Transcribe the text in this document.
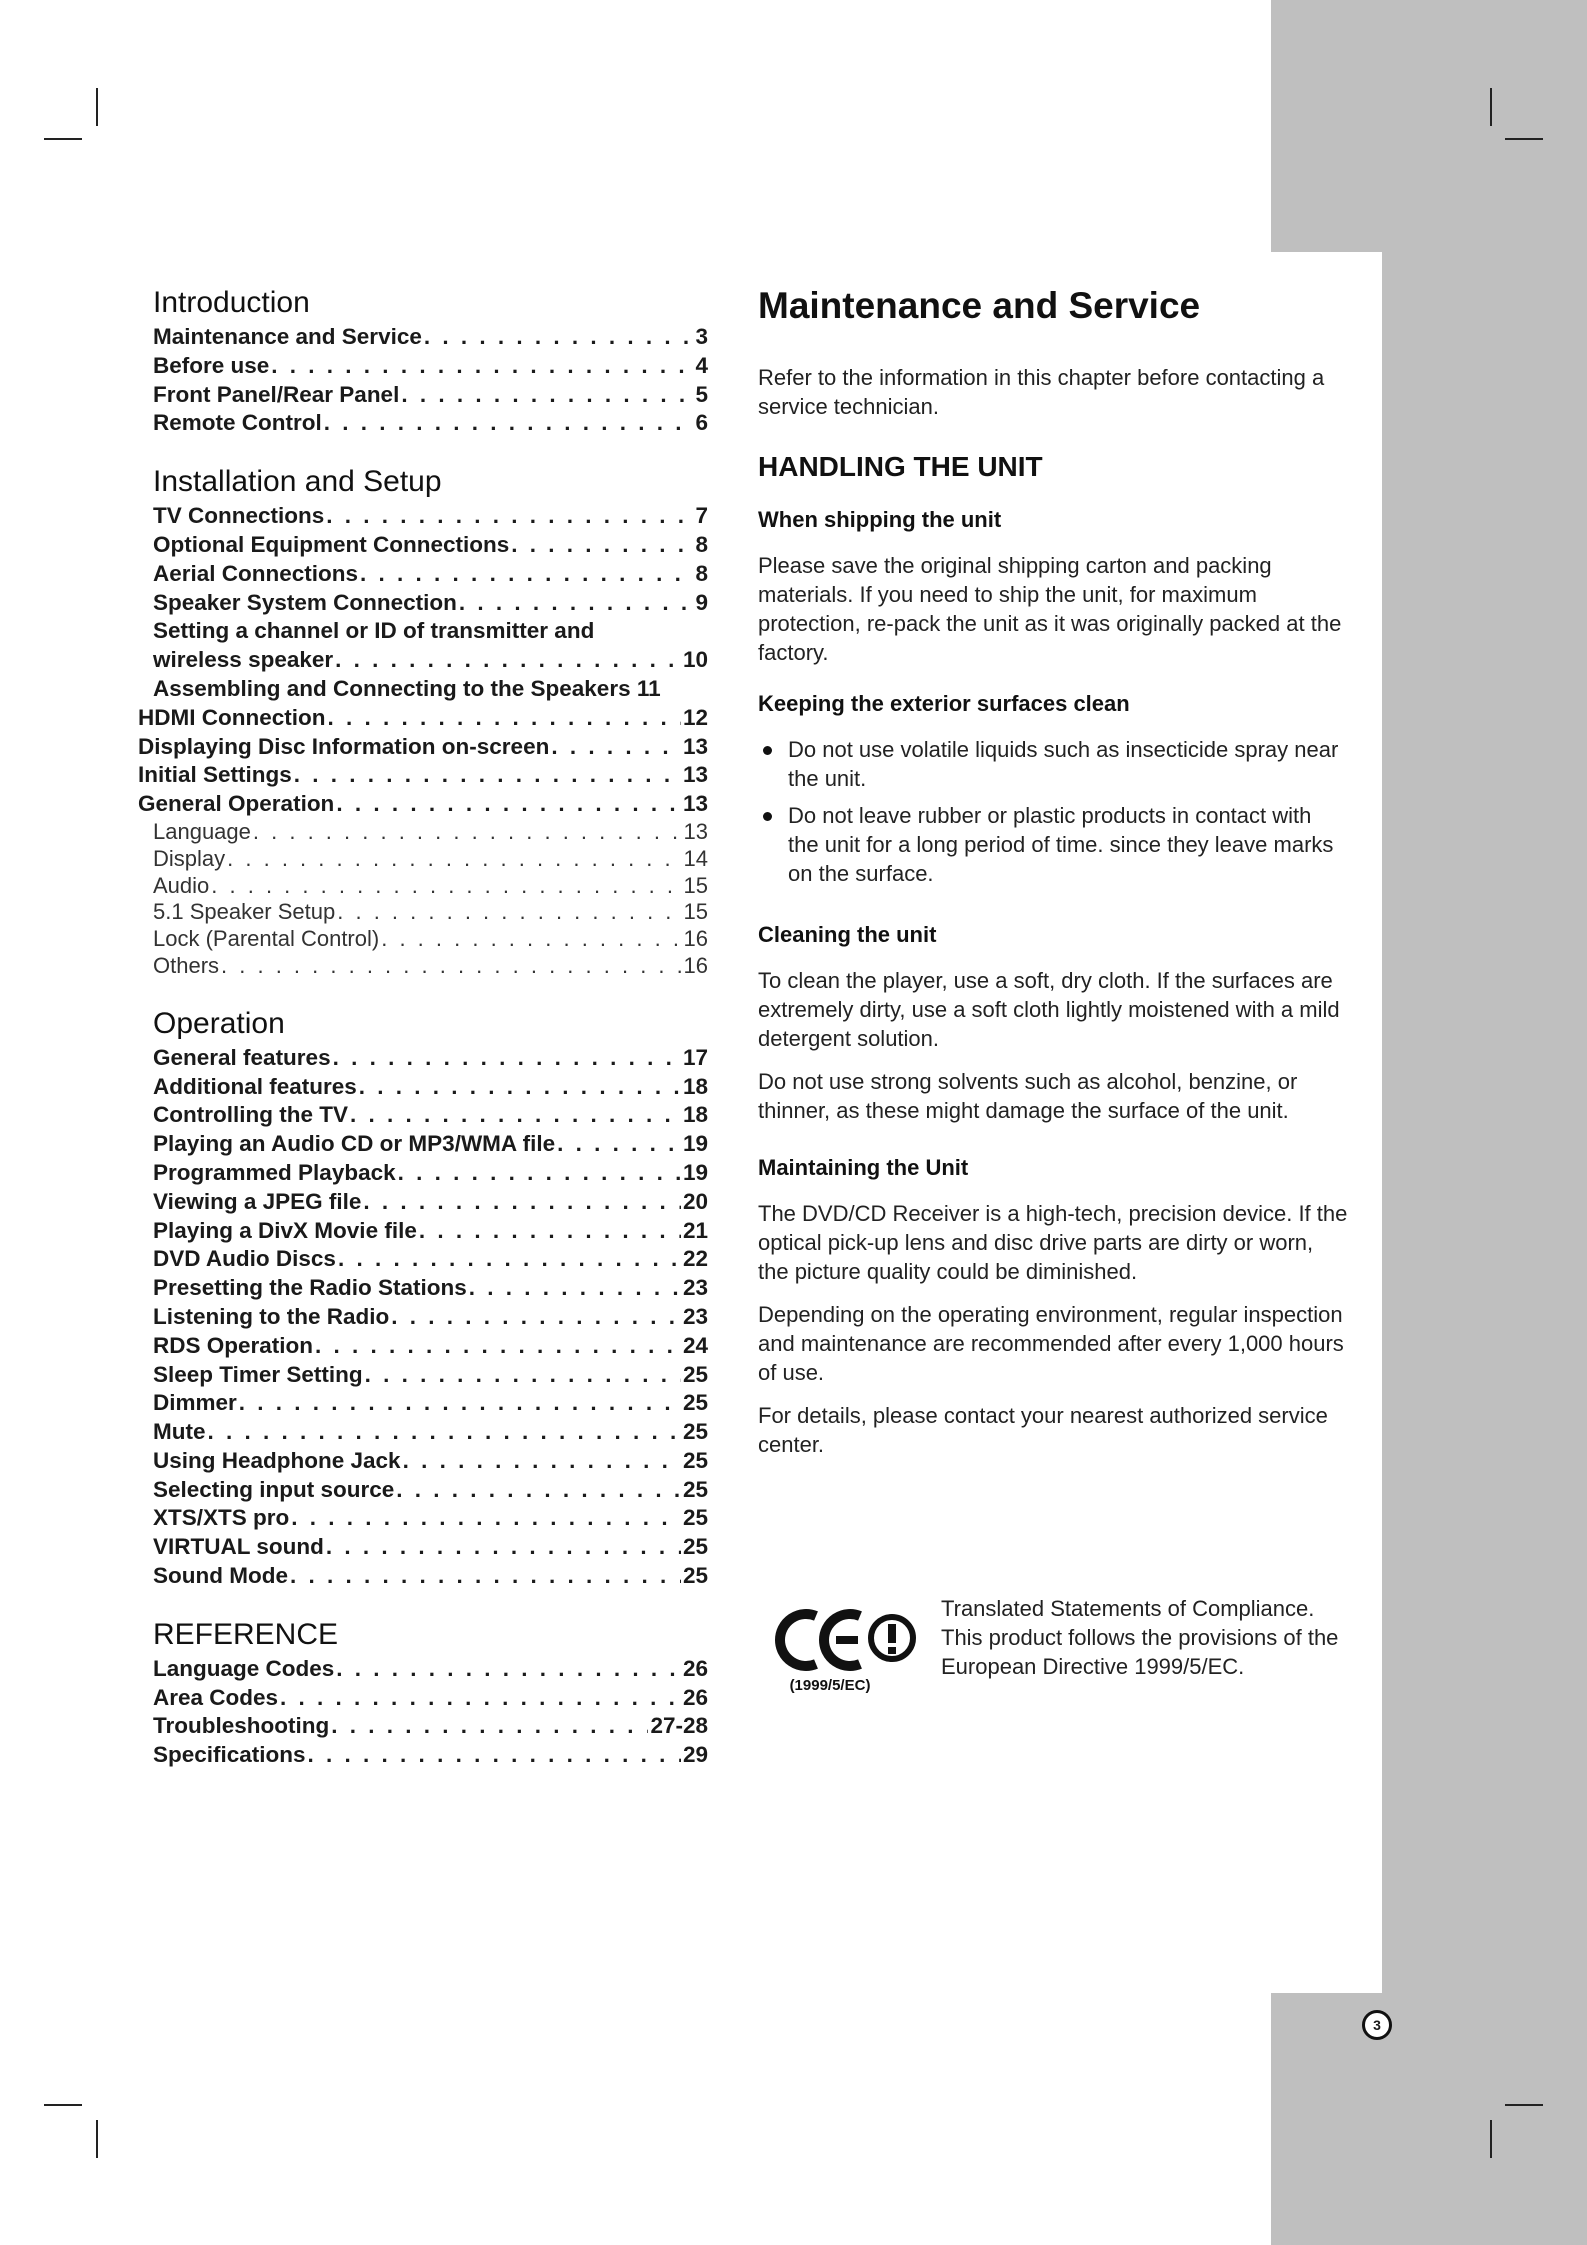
Introduction
Maintenance and Service . . .	3
Before use . . .	4
Front Panel/Rear Panel . . .	5
Remote Control . . .	6
Installation and Setup
TV Connections . . .	7
Optional Equipment Connections . . .	8
Aerial Connections . . .	8
Speaker System Connection . . .	9
Setting a channel or ID of transmitter and
wireless speaker . . .	10
Assembling and Connecting to the Speakers 11
HDMI Connection . . .	12
Displaying Disc Information on-screen . . .	13
Initial Settings . . .	13
General Operation . . .	13
Language . . .	13
Display . . .	14
Audio . . .	15
5.1 Speaker Setup . . .	15
Lock (Parental Control) . . .	16
Others . . .	16
Operation
General features . . .	17
Additional features . . .	18
Controlling the TV . . .	18
Playing an Audio CD or MP3/WMA file . . .	19
Programmed Playback . . .	19
Viewing a JPEG file . . .	20
Playing a DivX Movie file . . .	21
DVD Audio Discs . . .	22
Presetting the Radio Stations . . .	23
Listening to the Radio . . .	23
RDS Operation . . .	24
Sleep Timer Setting . . .	25
Dimmer . . .	25
Mute . . .	25
Using Headphone Jack . . .	25
Selecting input source . . .	25
XTS/XTS pro . . .	25
VIRTUAL sound . . .	25
Sound Mode . . .	25
REFERENCE
Language Codes . . .	26
Area Codes . . .	26
Troubleshooting . . .	27-28
Specifications . . .	29
Maintenance and Service

Refer to the information in this chapter before contacting a service technician.

HANDLING THE UNIT
When shipping the unit

Please save the original shipping carton and packing materials. If you need to ship the unit, for maximum protection, re-pack the unit as it was originally packed at the factory.

Keeping the exterior surfaces clean
Do not use volatile liquids such as insecticide spray near the unit.
Do not leave rubber or plastic products in contact with the unit for a long period of time. since they leave marks on the surface.
Cleaning the unit

To clean the player, use a soft, dry cloth. If the surfaces are extremely dirty, use a soft cloth lightly moistened with a mild detergent solution.

Do not use strong solvents such as alcohol, benzine, or thinner, as these might damage the surface of the unit.

Maintaining the Unit

The DVD/CD Receiver is a high-tech, precision device. If the optical pick-up lens and disc drive parts are dirty or worn, the picture quality could be diminished.

Depending on the operating environment, regular inspection and maintenance are recommended after every 1,000 hours of use.

For details, please contact your nearest authorized service center.

(1999/5/EC)

Translated Statements of Compliance.

This product follows the provisions of the European Directive 1999/5/EC.

3
